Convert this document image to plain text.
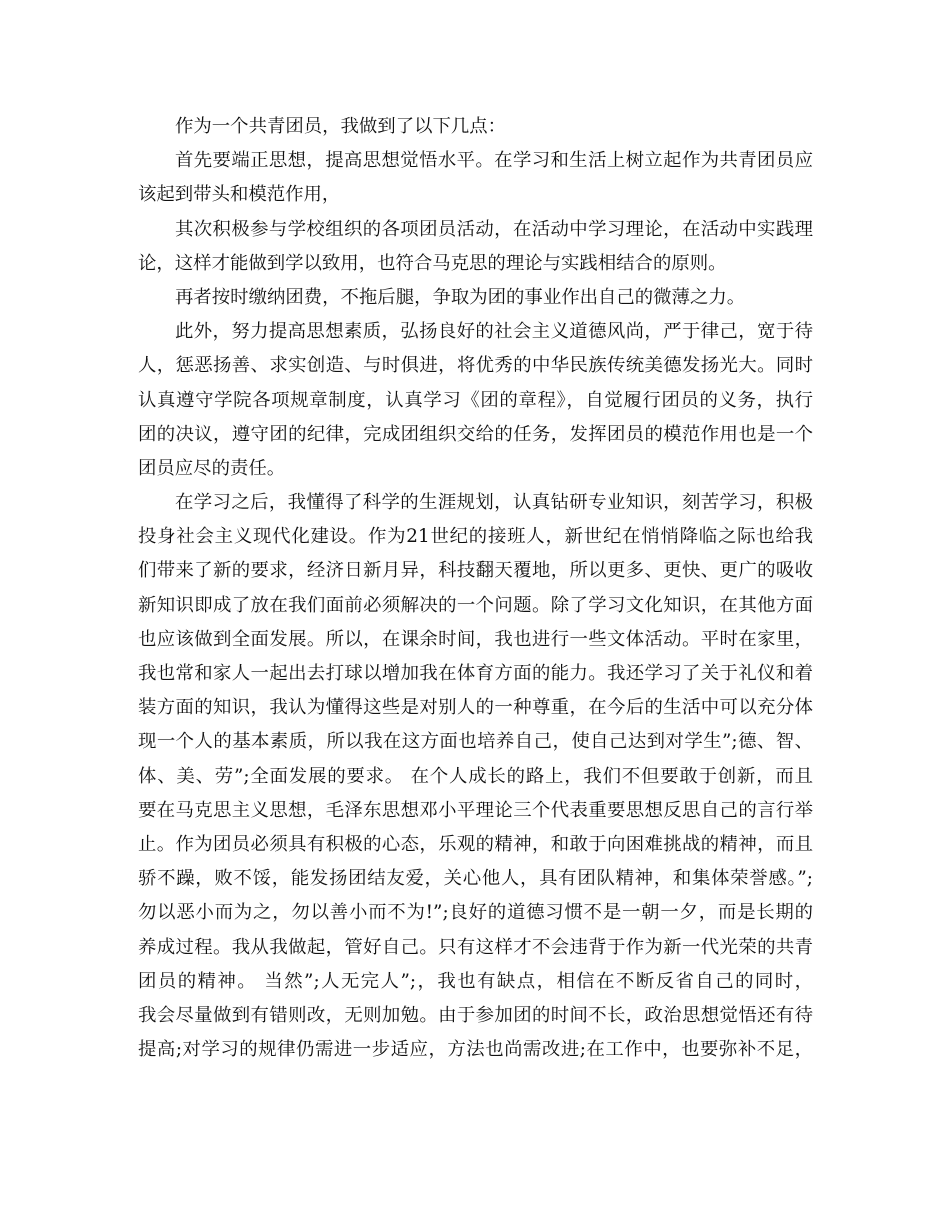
作为一个共青团员，我做到了以下几点：
首先要端正思想，提高思想觉悟水平。在学习和生活上树立起作为共青团员应
该起到带头和模范作用，
其次积极参与学校组织的各项团员活动，在活动中学习理论，在活动中实践理
论，这样才能做到学以致用，也符合马克思的理论与实践相结合的原则。
再者按时缴纳团费，不拖后腿，争取为团的事业作出自己的微薄之力。
此外，努力提高思想素质，弘扬良好的社会主义道德风尚，严于律己，宽于待
人，惩恶扬善、求实创造、与时俱进，将优秀的中华民族传统美德发扬光大。同时
认真遵守学院各项规章制度，认真学习《团的章程》，自觉履行团员的义务，执行
团的决议，遵守团的纪律，完成团组织交给的任务，发挥团员的模范作用也是一个
团员应尽的责任。
在学习之后，我懂得了科学的生涯规划，认真钻研专业知识，刻苦学习，积极
投身社会主义现代化建设。作为21世纪的接班人，新世纪在悄悄降临之际也给我
们带来了新的要求，经济日新月异，科技翻天覆地，所以更多、更快、更广的吸收
新知识即成了放在我们面前必须解决的一个问题。除了学习文化知识，在其他方面
也应该做到全面发展。所以，在课余时间，我也进行一些文体活动。平时在家里，
我也常和家人一起出去打球以增加我在体育方面的能力。我还学习了关于礼仪和着
装方面的知识，我认为懂得这些是对别人的一种尊重，在今后的生活中可以充分体
现一个人的基本素质，所以我在这方面也培养自己，使自己达到对学生”;德、智、
体、美、劳”;全面发展的要求。 在个人成长的路上，我们不但要敢于创新，而且
要在马克思主义思想，毛泽东思想邓小平理论三个代表重要思想反思自己的言行举
止。作为团员必须具有积极的心态，乐观的精神，和敢于向困难挑战的精神，而且
骄不躁，败不馁，能发扬团结友爱，关心他人，具有团队精神，和集体荣誉感。”;
勿以恶小而为之，勿以善小而不为!”;良好的道德习惯不是一朝一夕，而是长期的
养成过程。我从我做起，管好自己。只有这样才不会违背于作为新一代光荣的共青
团员的精神。 当然”;人无完人”;，我也有缺点，相信在不断反省自己的同时，
我会尽量做到有错则改，无则加勉。由于参加团的时间不长，政治思想觉悟还有待
提高;对学习的规律仍需进一步适应，方法也尚需改进;在工作中，也要弥补不足，
